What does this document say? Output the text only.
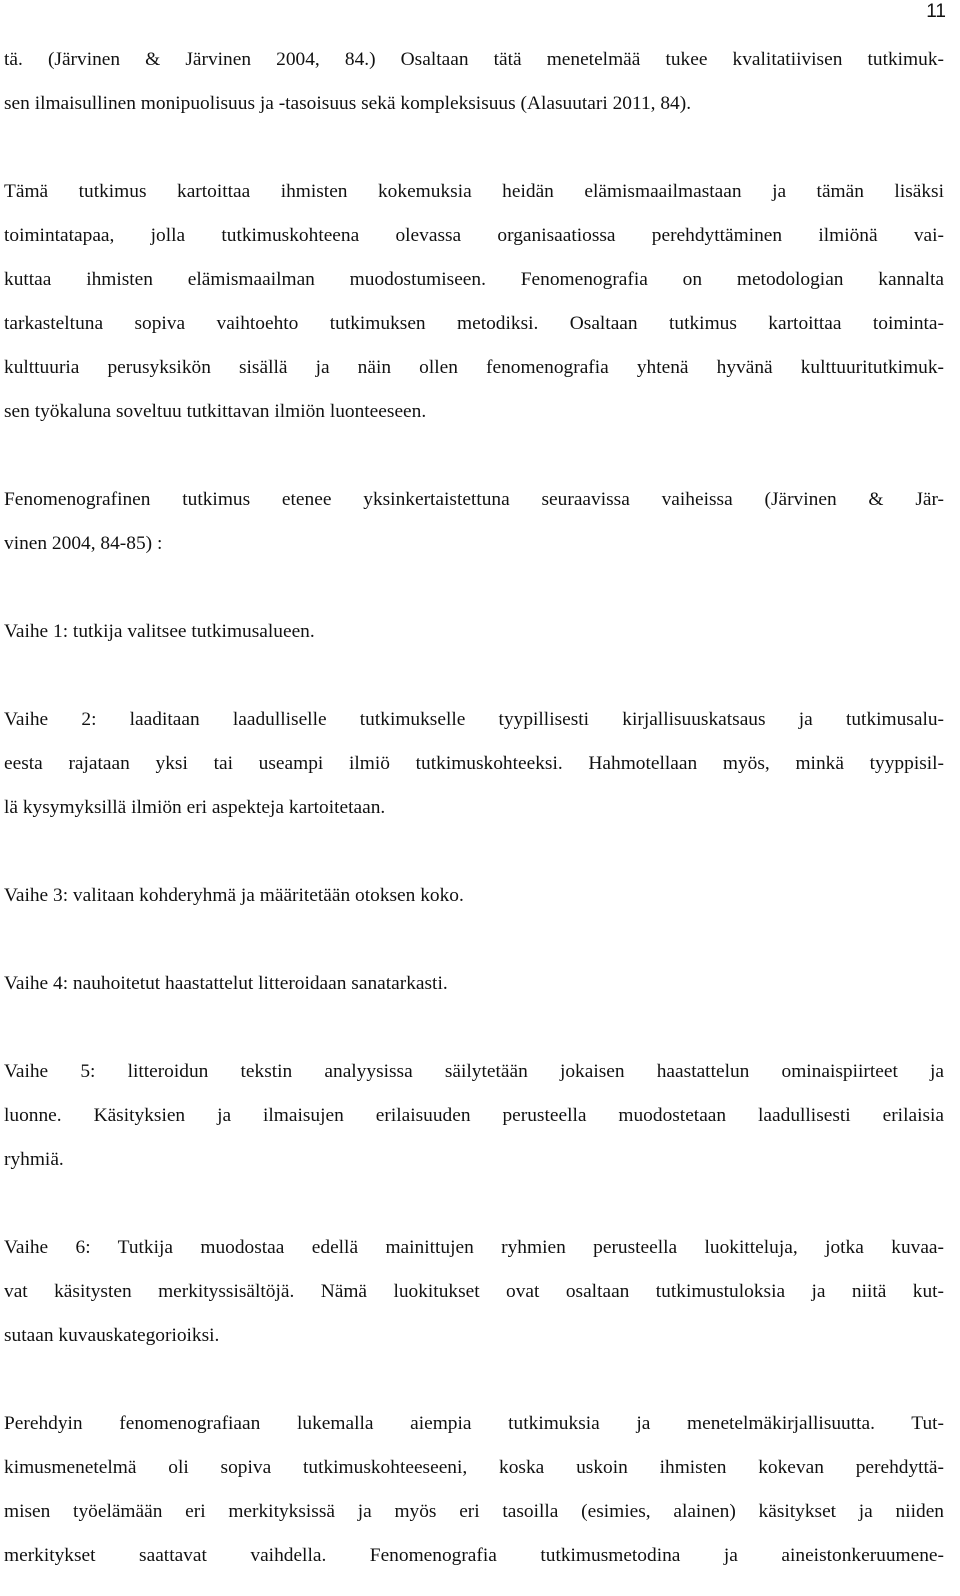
11
tä. (Järvinen & Järvinen 2004, 84.) Osaltaan tätä menetelmää tukee kvalitatiivisen tutkimuk-
sen ilmaisullinen monipuolisuus ja -tasoisuus sekä kompleksisuus (Alasuutari 2011, 84).
Tämä tutkimus kartoittaa ihmisten kokemuksia heidän elämismaailmastaan ja tämän lisäksi
toimintatapaa, jolla tutkimuskohteena olevassa organisaatiossa perehdyttäminen ilmiönä vai-
kuttaa ihmisten elämismaailman muodostumiseen. Fenomenografia on metodologian kannalta
tarkasteltuna sopiva vaihtoehto tutkimuksen metodiksi. Osaltaan tutkimus kartoittaa toiminta-
kulttuuria perusyksikön sisällä ja näin ollen fenomenografia yhtenä hyvänä kulttuuritutkimuk-
sen työkaluna soveltuu tutkittavan ilmiön luonteeseen.
Fenomenografinen tutkimus etenee yksinkertaistettuna seuraavissa vaiheissa (Järvinen & Jär-
vinen 2004, 84-85) :
Vaihe 1: tutkija valitsee tutkimusalueen.
Vaihe 2: laaditaan laadulliselle tutkimukselle tyypillisesti kirjallisuuskatsaus ja tutkimusalu-
eesta rajataan yksi tai useampi ilmiö tutkimuskohteeksi. Hahmotellaan myös, minkä tyyppisil-
lä kysymyksillä ilmiön eri aspekteja kartoitetaan.
Vaihe 3: valitaan kohderyhmä ja määritetään otoksen koko.
Vaihe 4: nauhoitetut haastattelut litteroidaan sanatarkasti.
Vaihe 5: litteroidun tekstin analyysissa säilytetään jokaisen haastattelun ominaispiirteet ja
luonne. Käsityksien ja ilmaisujen erilaisuuden perusteella muodostetaan laadullisesti erilaisia
ryhmiä.
Vaihe 6: Tutkija muodostaa edellä mainittujen ryhmien perusteella luokitteluja, jotka kuvaa-
vat käsitysten merkityssisältöjä. Nämä luokitukset ovat osaltaan tutkimustuloksia ja niitä kut-
sutaan kuvauskategorioiksi.
Perehdyin fenomenografiaan lukemalla aiempia tutkimuksia ja menetelmäkirjallisuutta. Tut-
kimusmenetelmä oli sopiva tutkimuskohteeseeni, koska uskoin ihmisten kokevan perehdyttä-
misen työelämään eri merkityksissä ja myös eri tasoilla (esimies, alainen) käsitykset ja niiden
merkitykset saattavat vaihdella. Fenomenografia tutkimusmetodina ja aineistonkeruumene-
